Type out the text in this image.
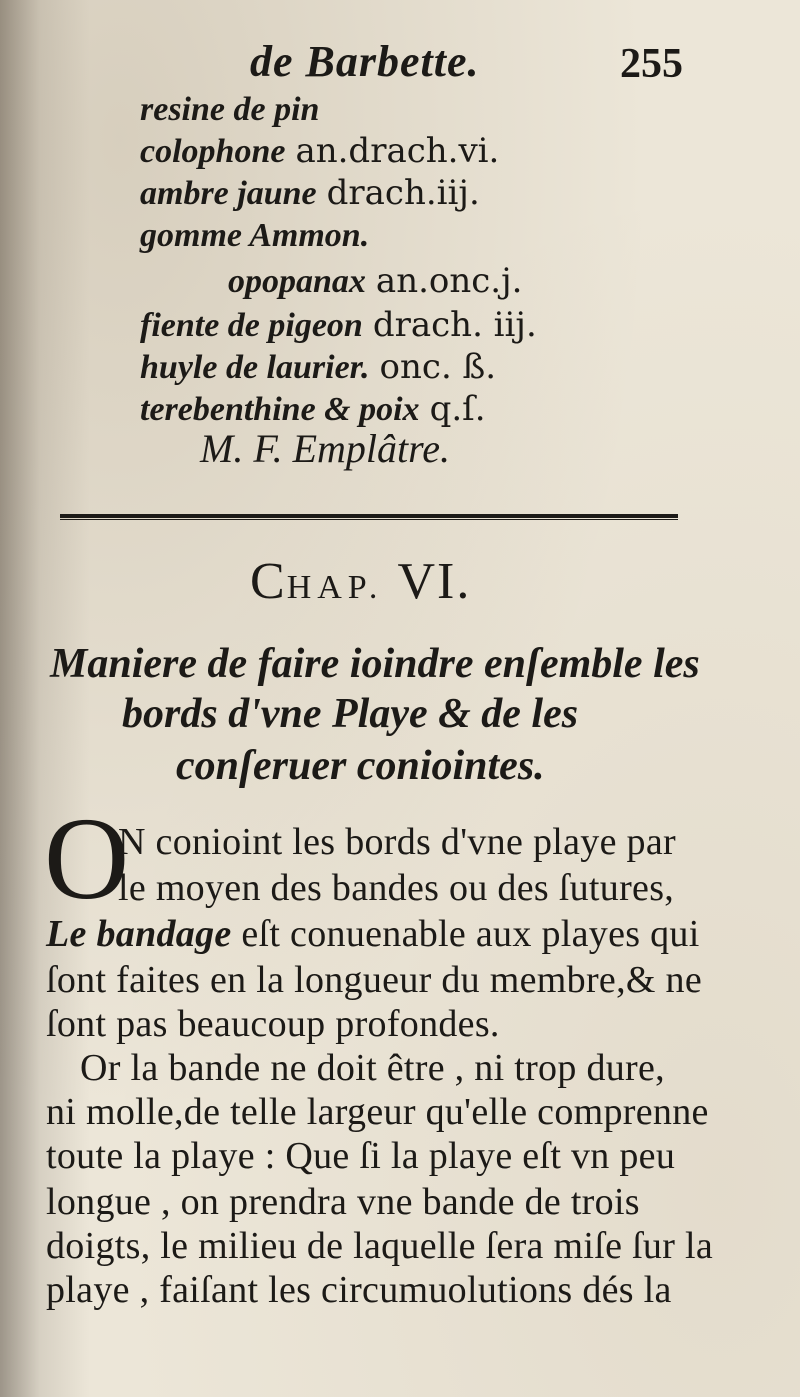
de Barbette.	255
resine de pin
colophone an.drach.vi.
ambre jaune drach.iij.
gomme Ammon.
opopanax an.onc.j.
fiente de pigeon drach. iij.
huyle de laurier. onc. ß.
terebenthine & poix q.ſ.
M. F. Emplâtre.
CHAP. VI.
Maniere de faire ioindre enſemble les
bords d'vne Playe & de les
conſeruer coniointes.
O
N conioint les bords d'vne playe par
le moyen des bandes ou des ſutures,
Le bandage eſt conuenable aux playes qui
ſont faites en la longueur du membre,& ne
ſont pas beaucoup profondes.
Or la bande ne doit être , ni trop dure,
ni molle,de telle largeur qu'elle comprenne
toute la playe : Que ſi la playe eſt vn peu
longue , on prendra vne bande de trois
doigts, le milieu de laquelle ſera miſe ſur la
playe , faiſant les circumuolutions dés la
